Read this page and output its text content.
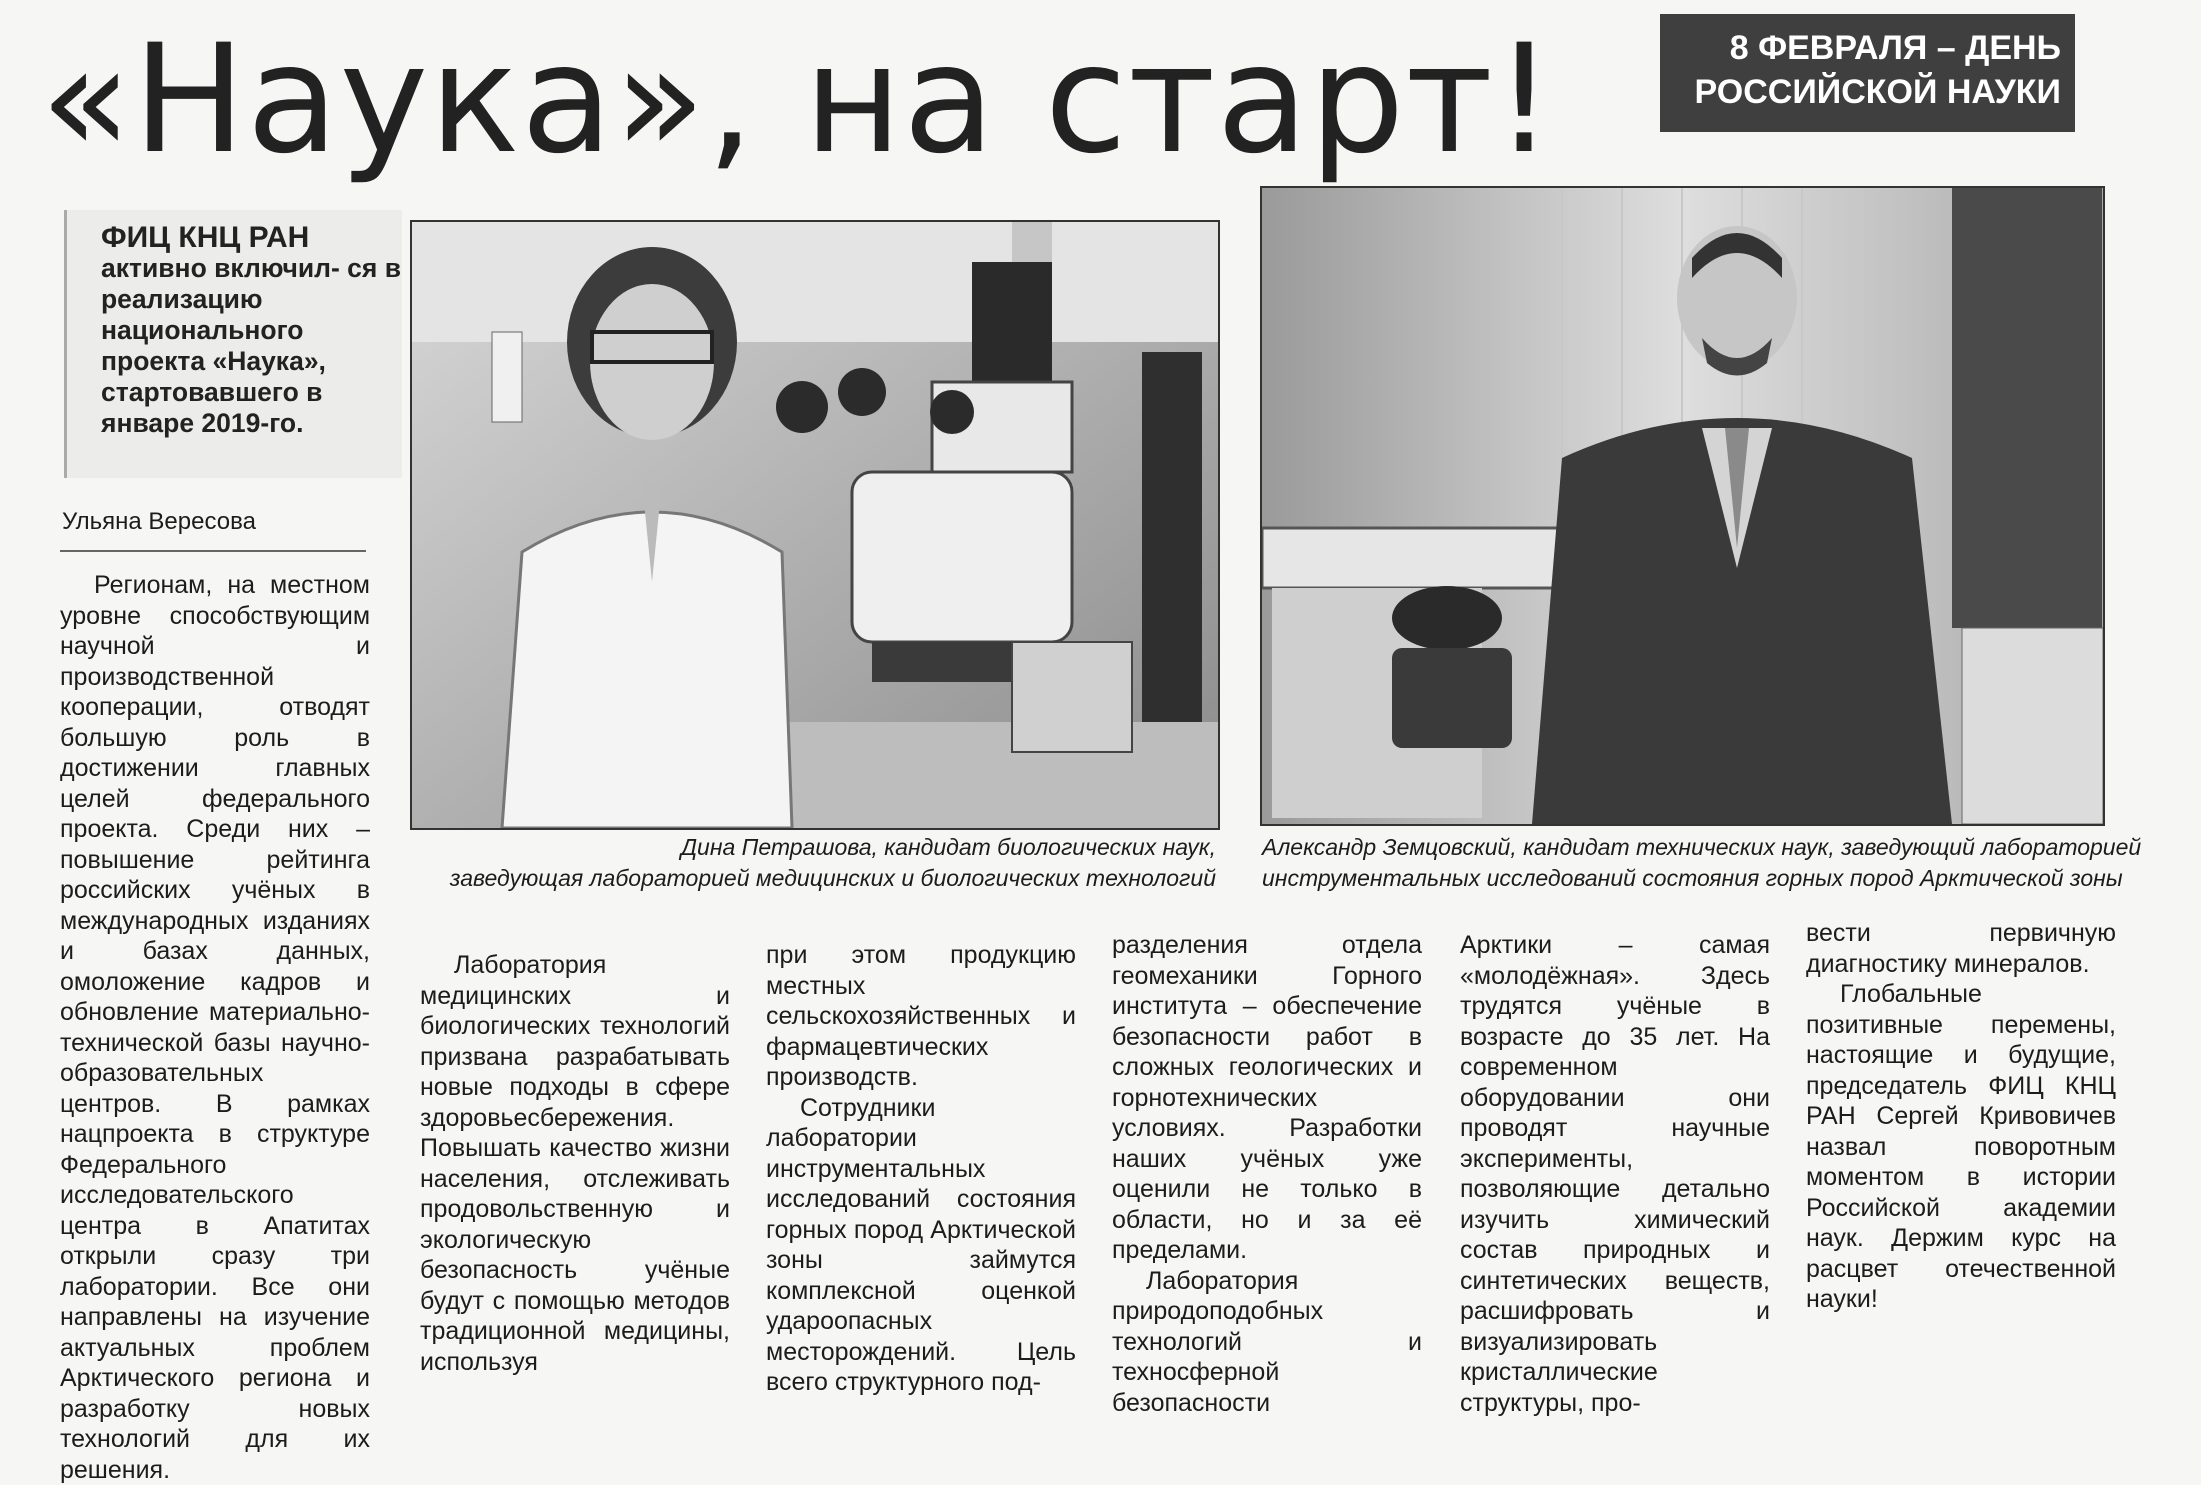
«Наука», на старт!	8 ФЕВРАЛЯ – ДЕНЬ
РОССИЙСКОЙ НАУКИ
ФИЦ КНЦ РАН
активно включил- ся в реализацию национального проекта «Наука», стартовавшего в январе 2019-го.
Ульяна Вересова

Регионам, на местном уровне способствующим научной и производственной кооперации, отводят большую роль в достижении главных целей федерального проекта. Среди них – повышение рейтинга российских учёных в международных изданиях и базах данных, омоложение кадров и обновление материально-технической базы научно-образовательных центров. В рамках нацпроекта в структуре Федерального исследовательского центра в Апатитах открыли сразу три лаборатории. Все они направлены на изучение актуальных проблем Арктического региона и разработку новых технологий для их решения.

Дина Петрашова, кандидат биологических наук,
заведующая лабораторией медицинских и биологических технологий
Александр Земцовский, кандидат технических наук, заведующий лабораторией
инструментальных исследований состояния горных пород Арктической зоны

Лаборатория медицинских и биологических технологий призвана разрабатывать новые подходы в сфере здоровьесбережения. Повышать качество жизни населения, отслеживать продовольственную и экологическую безопасность учёные будут с помощью методов традиционной медицины, используя

при этом продукцию местных сельскохозяйственных и фармацевтических производств.

Сотрудники лаборатории инструментальных исследований состояния горных пород Арктической зоны займутся комплексной оценкой удароопасных месторождений. Цель всего структурного под-

разделения отдела геомеханики Горного института – обеспечение безопасности работ в сложных геологических и горнотехнических условиях. Разработки наших учёных уже оценили не только в области, но и за её пределами.

Лаборатория природоподобных технологий и техносферной безопасности

Арктики – самая «молодёжная». Здесь трудятся учёные в возрасте до 35 лет. На современном оборудовании они проводят научные эксперименты, позволяющие детально изучить химический состав природных и синтетических веществ, расшифровать и визуализировать кристаллические структуры, про-

вести первичную диагностику минералов.

Глобальные позитивные перемены, настоящие и будущие, председатель ФИЦ КНЦ РАН Сергей Кривовичев назвал поворотным моментом в истории Российской академии наук. Держим курс на расцвет отечественной науки!
